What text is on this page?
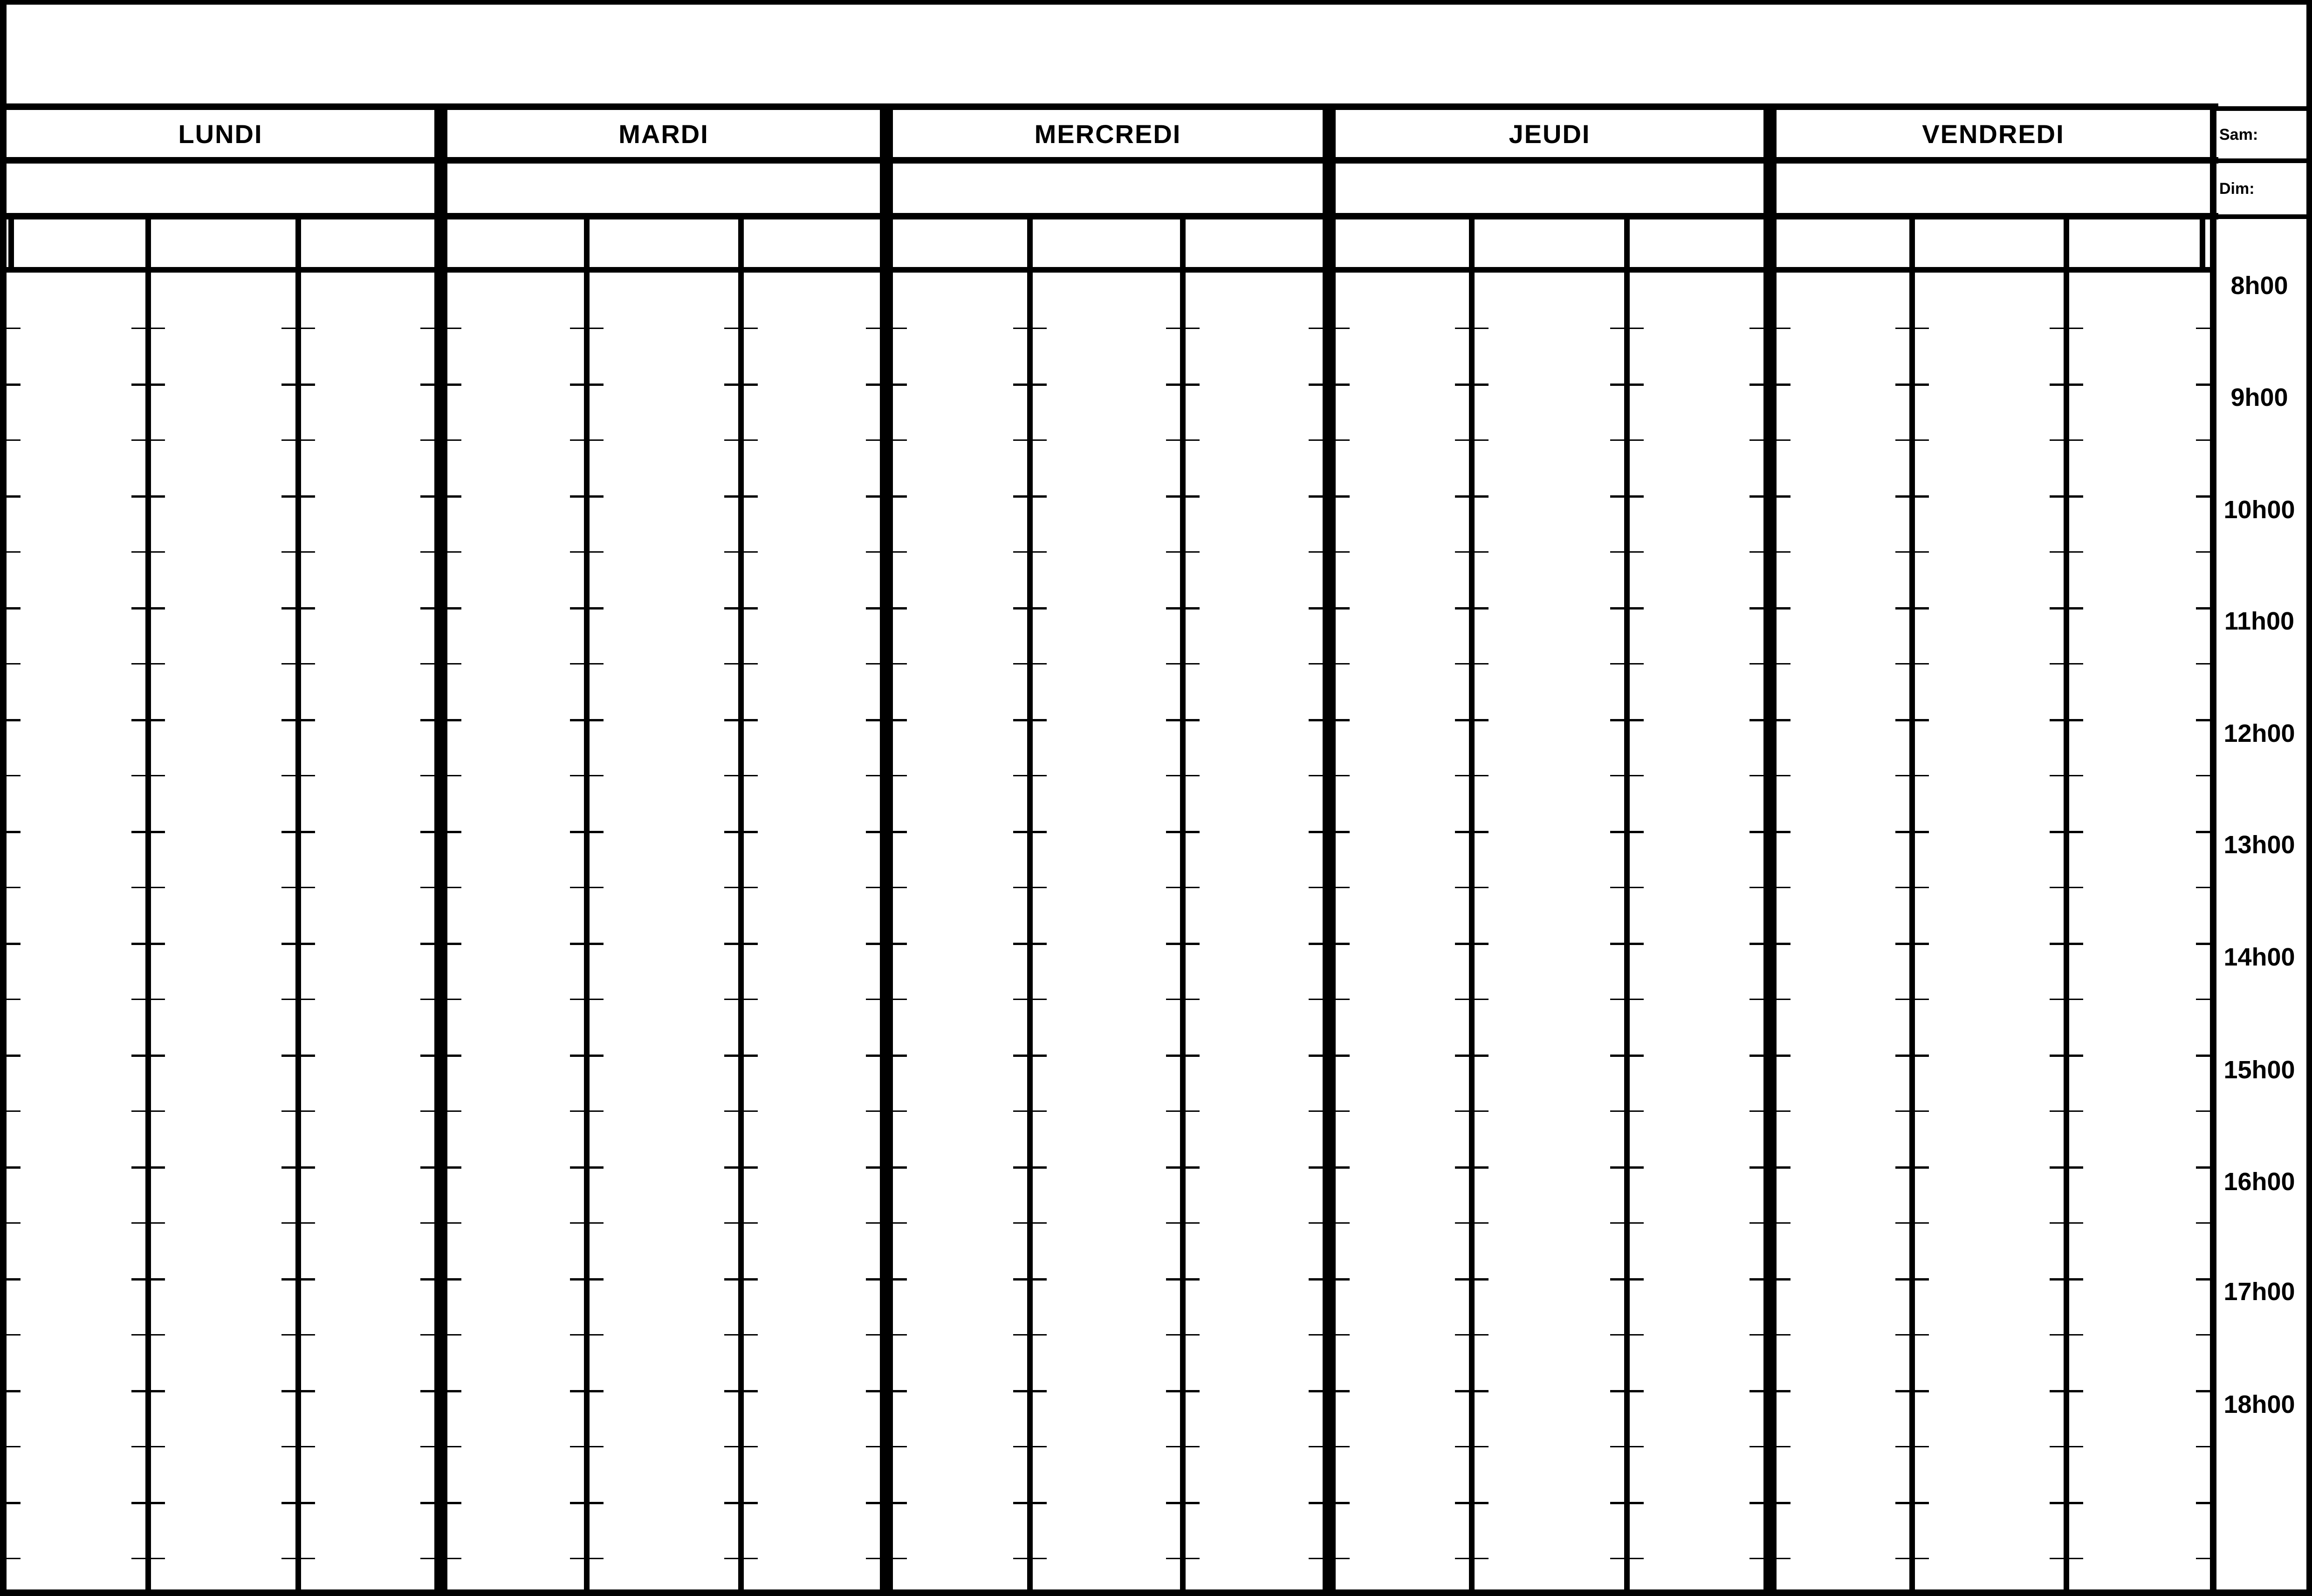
LUNDI	MARDI	MERCREDI	JEUDI	VENDREDI	Sam:
Dim:
8h00
9h00
10h00
11h00
12h00
13h00
14h00
15h00
16h00
17h00
18h00
